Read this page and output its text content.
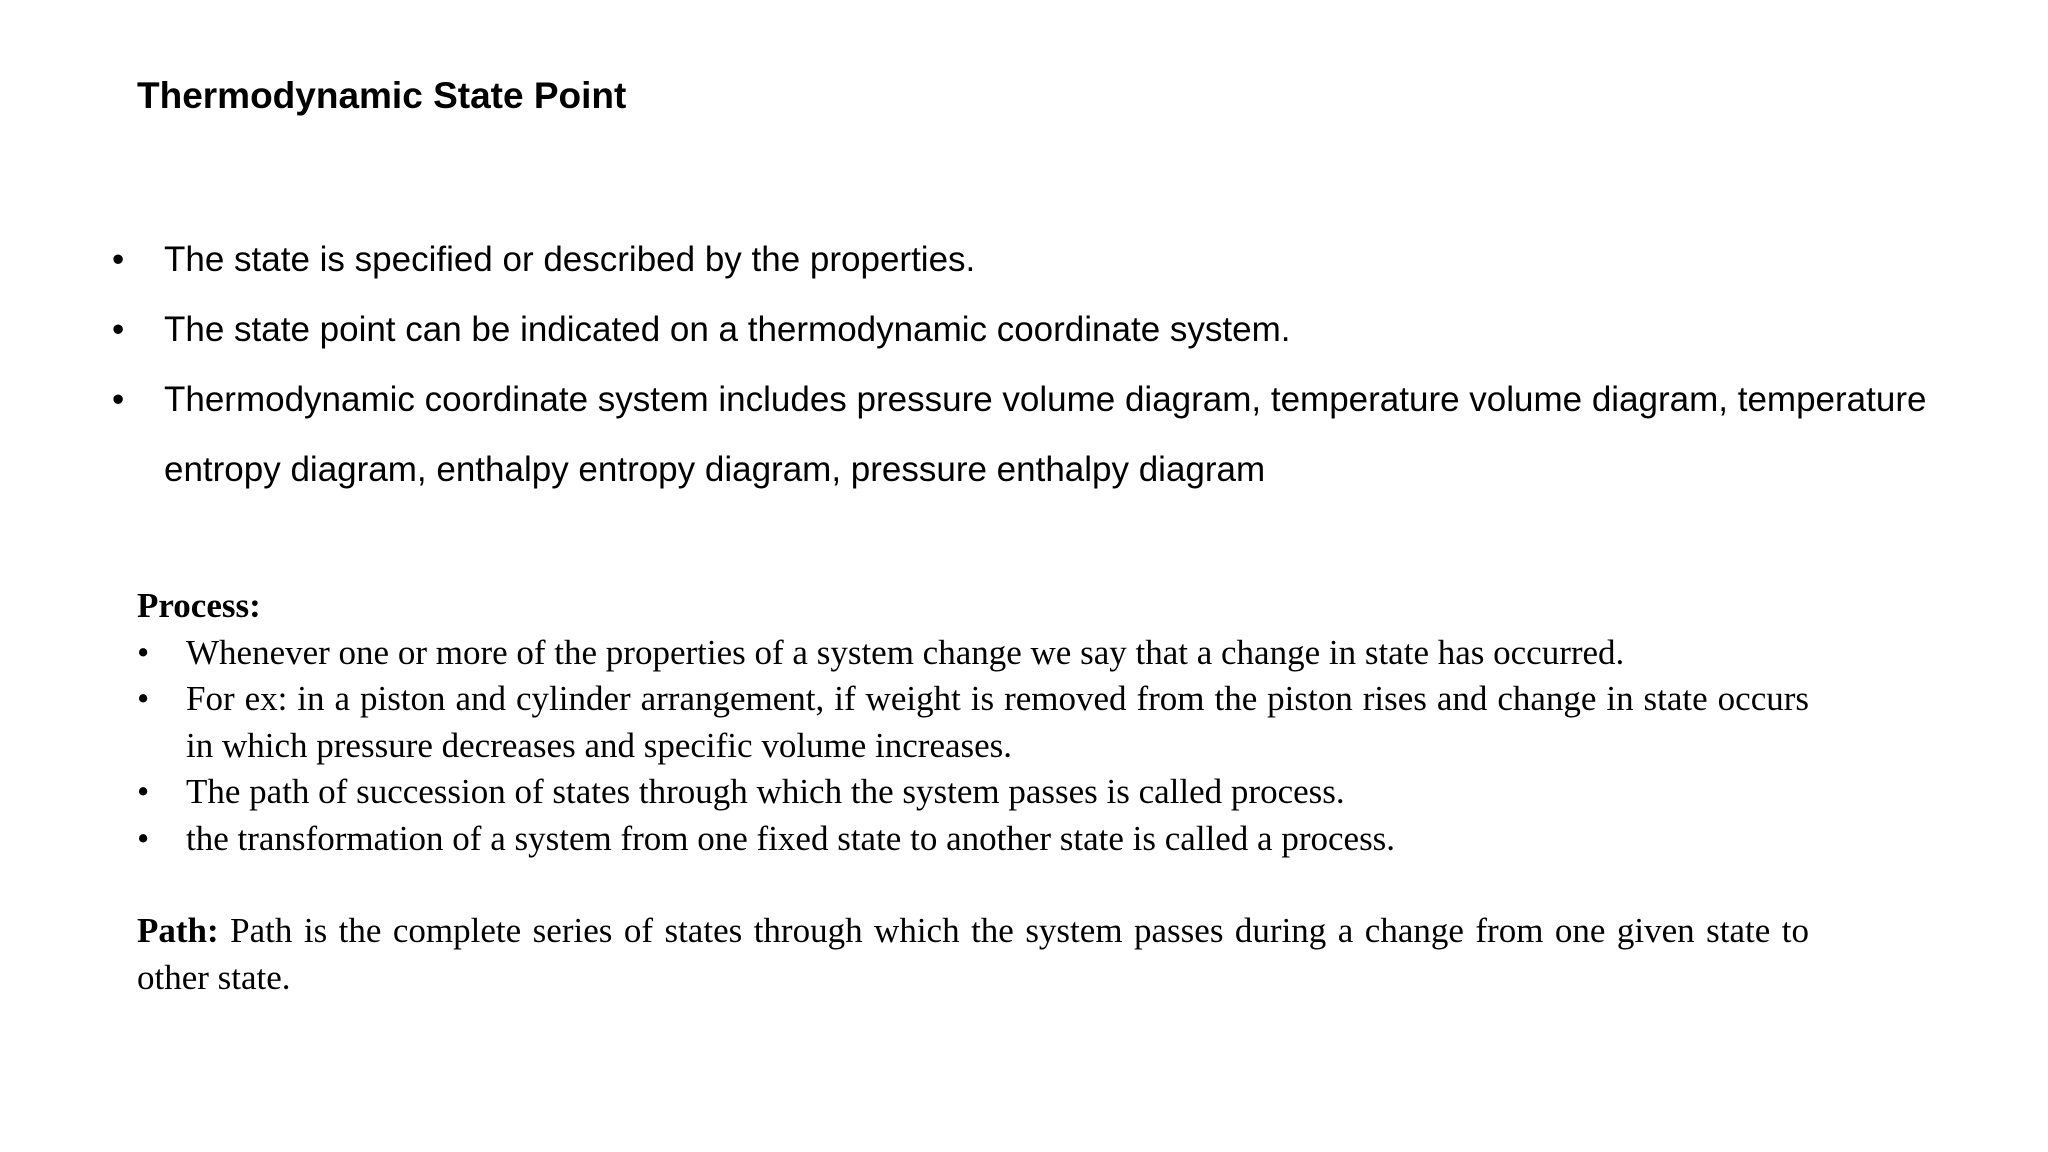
Thermodynamic State Point
• The state is specified or described by the properties.
• The state point can be indicated on a thermodynamic coordinate system.
• Thermodynamic coordinate system includes pressure volume diagram, temperature volume diagram, temperature entropy diagram, enthalpy entropy diagram, pressure enthalpy diagram
Process:
• Whenever one or more of the properties of a system change we say that a change in state has occurred.
• For ex: in a piston and cylinder arrangement, if weight is removed from the piston rises and change in state occurs in which pressure decreases and specific volume increases.
• The path of succession of states through which the system passes is called process.
• the transformation of a system from one fixed state to another state is called a process.
Path: Path is the complete series of states through which the system passes during a change from one given state to other state.
